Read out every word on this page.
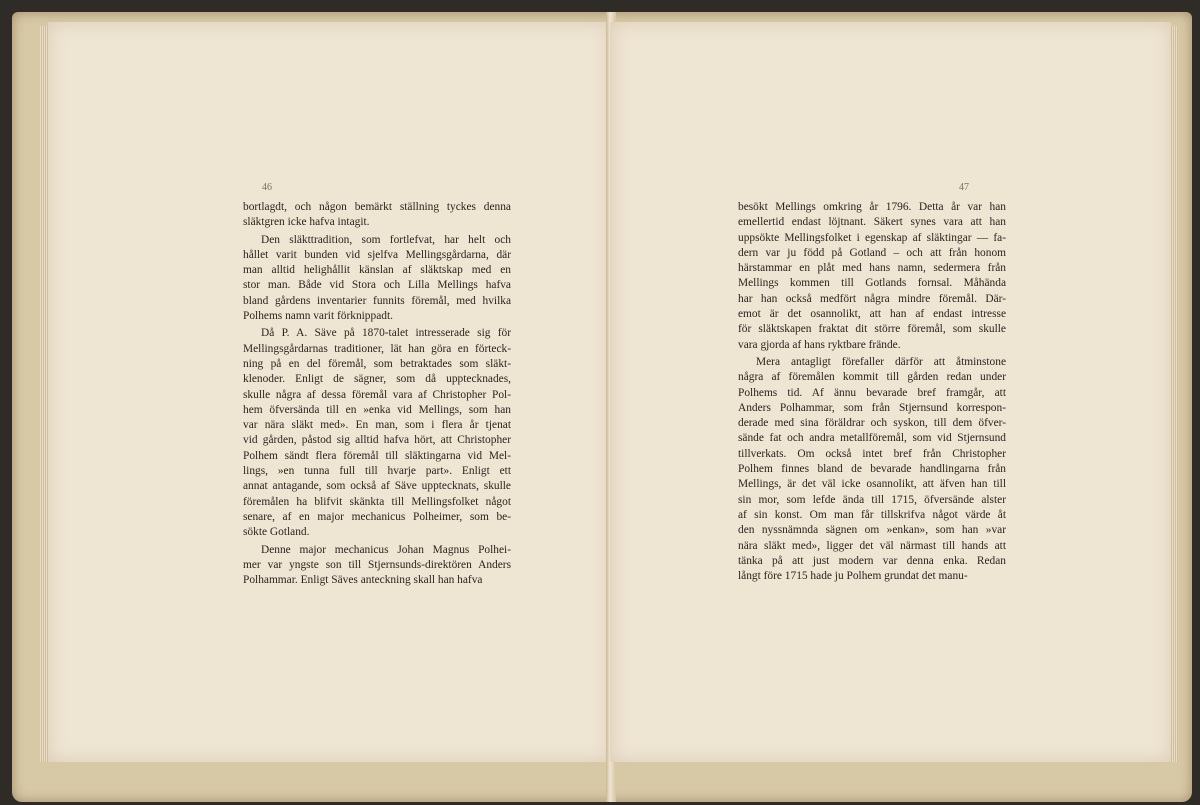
46
bortlagdt, och någon bemärkt ställning tyckes denna
släktgren icke hafva intagit.
Den släkttradition, som fortlefvat, har helt och
hållet varit bunden vid sjelfva Mellingsgårdarna, där
man alltid helighållit känslan af släktskap med en
stor man. Både vid Stora och Lilla Mellings hafva
bland gårdens inventarier funnits föremål, med hvilka
Polhems namn varit förknippadt.
Då P. A. Säve på 1870-talet intresserade sig för
Mellingsgårdarnas traditioner, lät han göra en förteck-
ning på en del föremål, som betraktades som släkt-
klenoder. Enligt de sägner, som då upptecknades,
skulle några af dessa föremål vara af Christopher Pol-
hem öfversända till en »enka vid Mellings, som han
var nära släkt med». En man, som i flera år tjenat
vid gården, påstod sig alltid hafva hört, att Christopher
Polhem sändt flera föremål till släktingarna vid Mel-
lings, »en tunna full till hvarje part». Enligt ett
annat antagande, som också af Säve upptecknats, skulle
föremålen ha blifvit skänkta till Mellingsfolket något
senare, af en major mechanicus Polheimer, som be-
sökte Gotland.
Denne major mechanicus Johan Magnus Polhei-
mer var yngste son till Stjernsunds-direktören Anders
Polhammar. Enligt Säves anteckning skall han hafva
47
besökt Mellings omkring år 1796. Detta år var han
emellertid endast löjtnant. Säkert synes vara att han
uppsökte Mellingsfolket i egenskap af släktingar — fa-
dern var ju född på Gotland – och att från honom
härstammar en plåt med hans namn, sedermera från
Mellings kommen till Gotlands fornsal. Måhända
har han också medfört några mindre föremål. Där-
emot är det osannolikt, att han af endast intresse
för släktskapen fraktat dit större föremål, som skulle
vara gjorda af hans ryktbare frände.
Mera antagligt förefaller därför att åtminstone
några af föremålen kommit till gården redan under
Polhems tid. Af ännu bevarade bref framgår, att
Anders Polhammar, som från Stjernsund korrespon-
derade med sina föräldrar och syskon, till dem öfver-
sände fat och andra metallföremål, som vid Stjernsund
tillverkats. Om också intet bref från Christopher
Polhem finnes bland de bevarade handlingarna från
Mellings, är det väl icke osannolikt, att äfven han till
sin mor, som lefde ända till 1715, öfversände alster
af sin konst. Om man får tillskrifva något värde åt
den nyssnämnda sägnen om »enkan», som han »var
nära släkt med», ligger det väl närmast till hands att
tänka på att just modern var denna enka. Redan
långt före 1715 hade ju Polhem grundat det manu-
